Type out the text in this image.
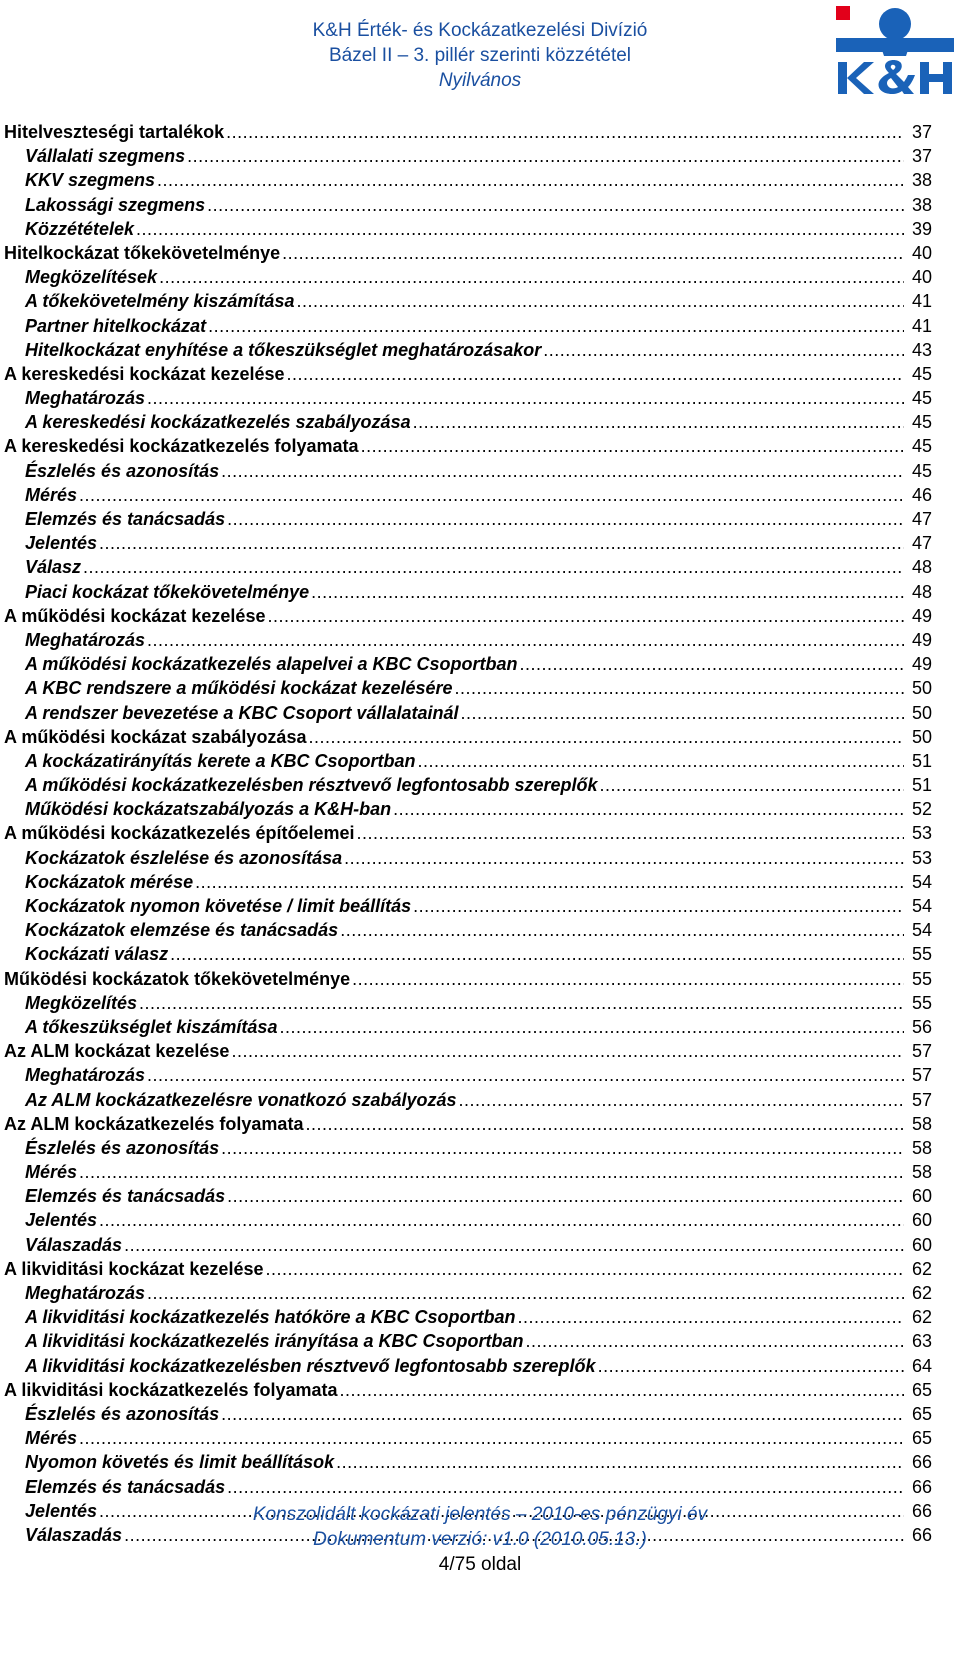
K&H Érték- és Kockázatkezelési Divízió
Bázel II – 3. pillér szerinti közzététel
Nyilvános
Hitelveszteségi tartalékok .....	37
Vállalati szegmens .....	37
KKV szegmens .....	38
Lakossági szegmens .....	38
Közzétételek .....	39
Hitelkockázat tőkekövetelménye .....	40
Megközelítések .....	40
A tőkekövetelmény kiszámítása .....	41
Partner hitelkockázat .....	41
Hitelkockázat enyhítése a tőkeszükséglet meghatározásakor .....	43
A kereskedési kockázat kezelése .....	45
Meghatározás .....	45
A kereskedési kockázatkezelés szabályozása .....	45
A kereskedési kockázatkezelés folyamata .....	45
Észlelés és azonosítás .....	45
Mérés .....	46
Elemzés és tanácsadás .....	47
Jelentés .....	47
Válasz .....	48
Piaci kockázat tőkekövetelménye .....	48
A működési kockázat kezelése .....	49
Meghatározás .....	49
A működési kockázatkezelés alapelvei a KBC Csoportban .....	49
A KBC rendszere a működési kockázat kezelésére .....	50
A rendszer bevezetése a KBC Csoport vállalatainál .....	50
A működési kockázat szabályozása .....	50
A kockázatirányítás kerete a KBC Csoportban .....	51
A működési kockázatkezelésben résztvevő legfontosabb szereplők .....	51
Működési kockázatszabályozás a K&H-ban .....	52
A működési kockázatkezelés építőelemei .....	53
Kockázatok észlelése és azonosítása .....	53
Kockázatok mérése .....	54
Kockázatok nyomon követése / limit beállítás .....	54
Kockázatok elemzése és tanácsadás .....	54
Kockázati válasz .....	55
Működési kockázatok tőkekövetelménye .....	55
Megközelítés .....	55
A tőkeszükséglet kiszámítása .....	56
Az ALM kockázat kezelése .....	57
Meghatározás .....	57
Az ALM kockázatkezelésre vonatkozó szabályozás .....	57
Az ALM kockázatkezelés folyamata .....	58
Észlelés és azonosítás .....	58
Mérés .....	58
Elemzés és tanácsadás .....	60
Jelentés .....	60
Válaszadás .....	60
A likviditási kockázat kezelése .....	62
Meghatározás .....	62
A likviditási kockázatkezelés hatóköre a KBC Csoportban .....	62
A likviditási kockázatkezelés irányítása a KBC Csoportban .....	63
A likviditási kockázatkezelésben résztvevő legfontosabb szereplők .....	64
A likviditási kockázatkezelés folyamata .....	65
Észlelés és azonosítás .....	65
Mérés .....	65
Nyomon követés és limit beállítások .....	66
Elemzés és tanácsadás .....	66
Jelentés .....	66
Válaszadás .....	66
Konszolidált kockázati jelentés – 2010-es pénzügyi év
Dokumentum verzió: v1.0 (2010.05.13.)
4/75 oldal
